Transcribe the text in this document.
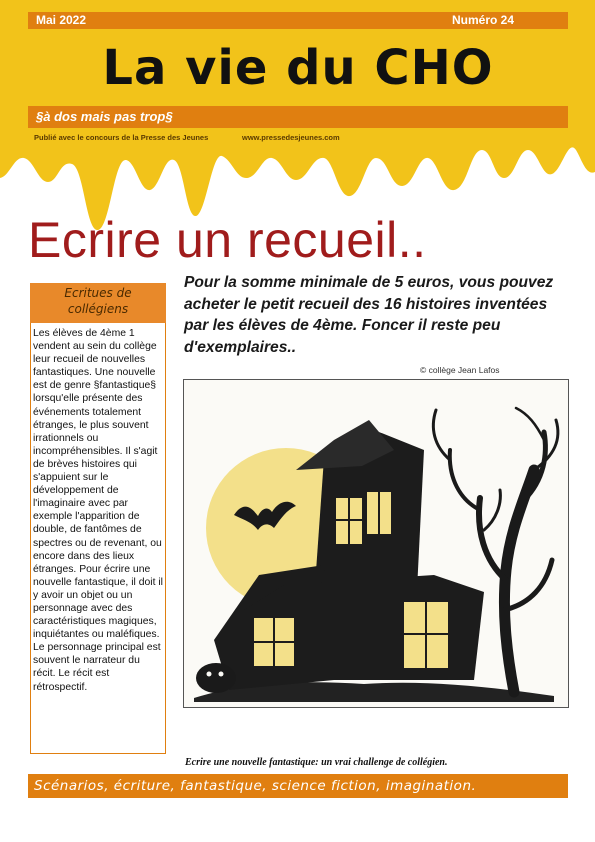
Mai 2022	Numéro 24
La vie du CHO
§à dos mais pas trop§
Publié avec le concours de la Presse des Jeunes	www.pressedesjeunes.com
Ecrire un recueil..
Ecritues de
collégiens
Les élèves de 4ème 1 vendent au sein du collège leur recueil de nouvelles fantastiques. Une nouvelle est de genre §fantastique§ lorsqu'elle présente des événements totalement étranges, le plus souvent irrationnels ou incompréhensibles. Il s'agit de brèves histoires qui s'appuient sur le développement de l'imaginaire avec par exemple l'apparition de double, de fantômes de spectres ou de revenant, ou encore dans des lieux étranges. Pour écrire une nouvelle fantastique, il doit il y avoir un objet ou un personnage avec des caractéristiques magiques, inquiétantes ou maléfiques. Le personnage principal est souvent le narrateur du récit. Le récit est rétrospectif.
Pour la somme minimale de 5 euros, vous pouvez acheter le petit recueil des 16 histoires inventées par les élèves de 4ème. Foncer il reste peu d'exemplaires..
© collège Jean Lafos
Ecrire une nouvelle fantastique: un vrai challenge de collégien.
Scénarios, écriture, fantastique, science fiction, imagination.
